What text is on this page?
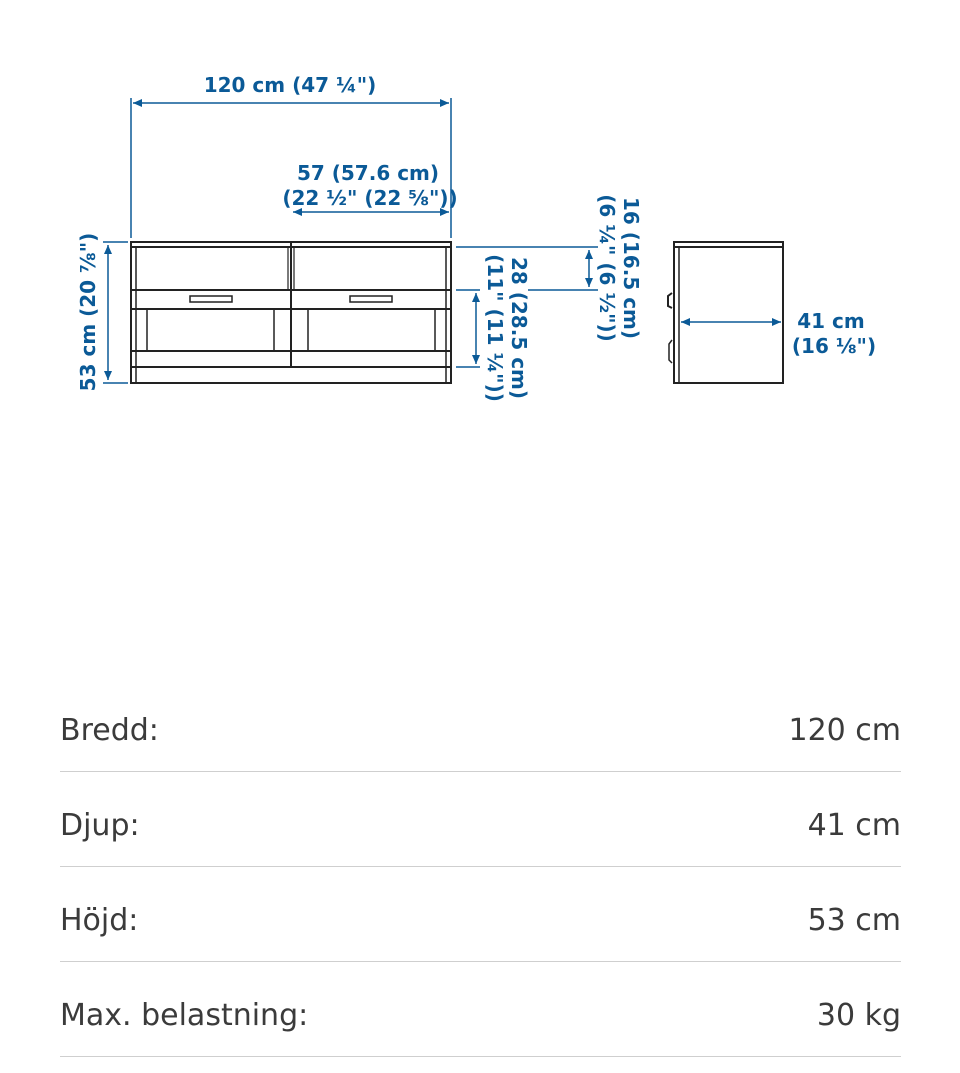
120 cm (47 ¼")
57 (57.6 cm)
(22 ½" (22 ⅝"))
53 cm (20 ⅞")	16 (16.5 cm)
(6 ¼" (6 ½"))
28 (28.5 cm)
(11" (11 ¼"))	41 cm
(16 ⅛")
Bredd:	120 cm
Djup:	41 cm
Höjd:	53 cm
Max. belastning:	30 kg
